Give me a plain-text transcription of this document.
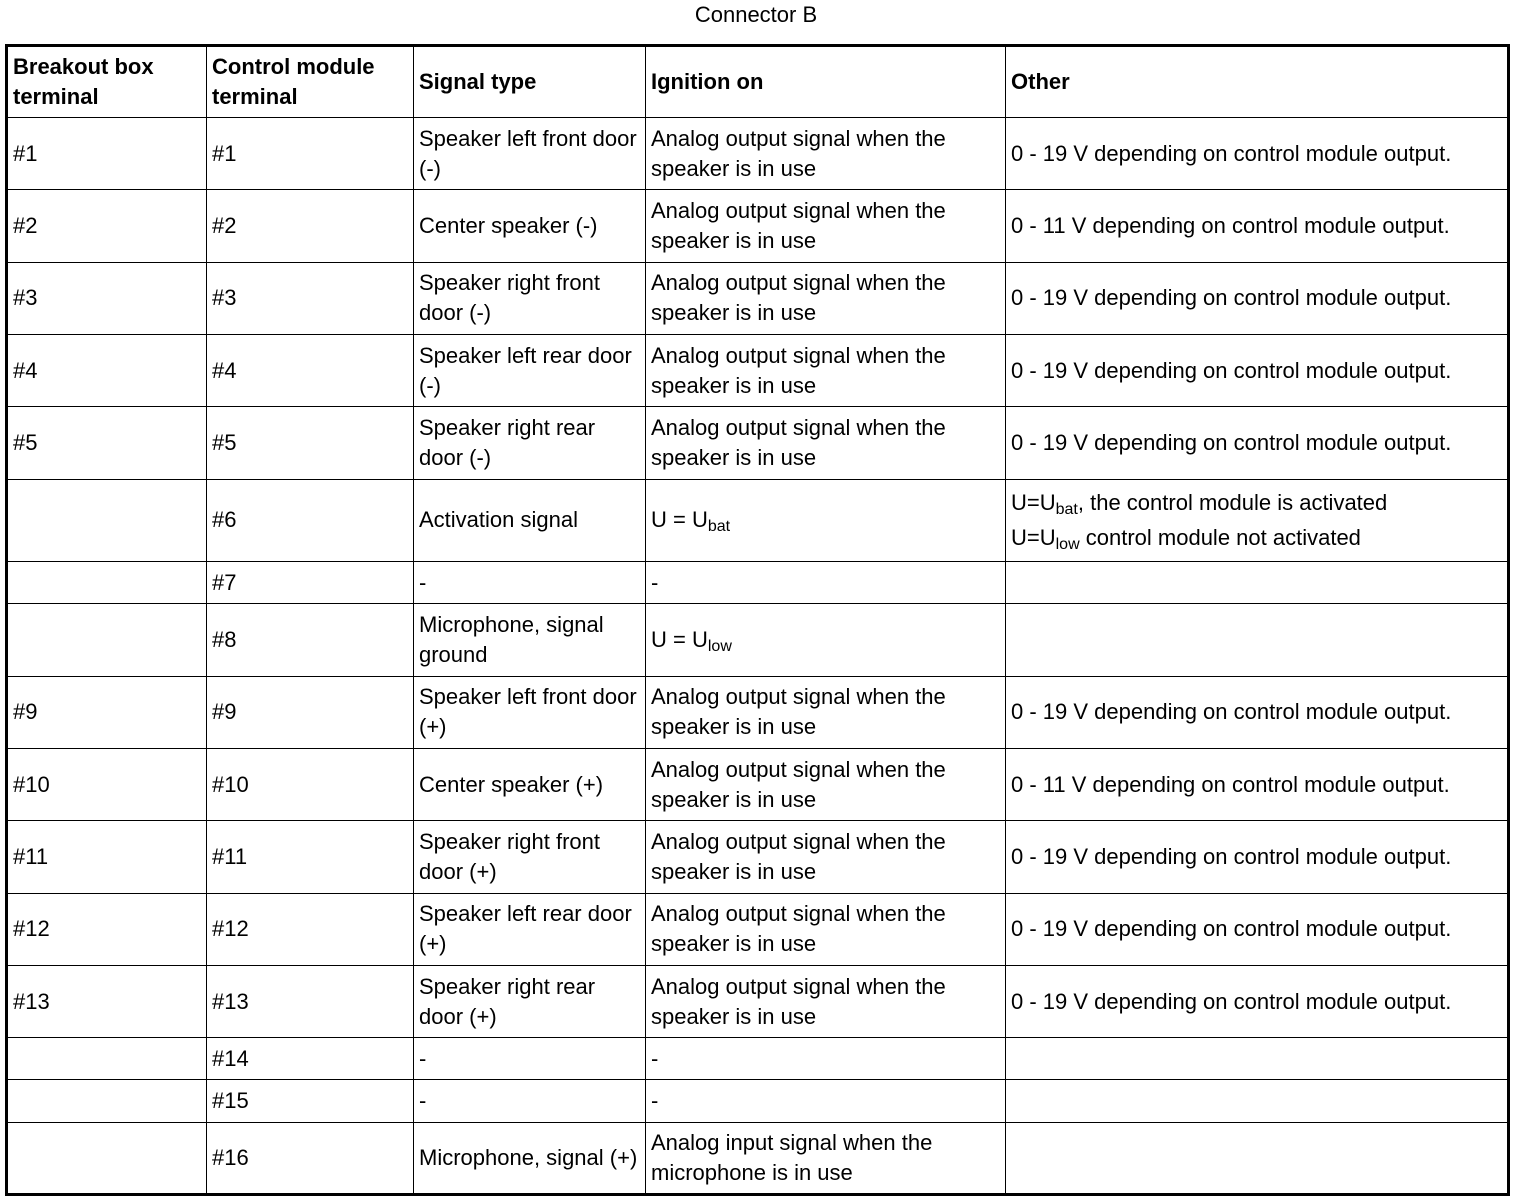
Connector B
Breakout box terminal	Control module terminal	Signal type	Ignition on	Other
#1	#1	Speaker left front door (-)	Analog output signal when the speaker is in use	0 - 19 V depending on control module output.
#2	#2	Center speaker (-)	Analog output signal when the speaker is in use	0 - 11 V depending on control module output.
#3	#3	Speaker right front door (-)	Analog output signal when the speaker is in use	0 - 19 V depending on control module output.
#4	#4	Speaker left rear door (-)	Analog output signal when the speaker is in use	0 - 19 V depending on control module output.
#5	#5	Speaker right rear door (-)	Analog output signal when the speaker is in use	0 - 19 V depending on control module output.
	#6	Activation signal	$U = U_{bat}$	$U=U_{bat}$, the control module is activated
$U=U_{low}$ control module not activated

	#7	-	-	
	#8	Microphone, signal ground	$U = U_{low}$	
#9	#9	Speaker left front door (+)	Analog output signal when the speaker is in use	0 - 19 V depending on control module output.
#10	#10	Center speaker (+)	Analog output signal when the speaker is in use	0 - 11 V depending on control module output.
#11	#11	Speaker right front door (+)	Analog output signal when the speaker is in use	0 - 19 V depending on control module output.
#12	#12	Speaker left rear door (+)	Analog output signal when the speaker is in use	0 - 19 V depending on control module output.
#13	#13	Speaker right rear door (+)	Analog output signal when the speaker is in use	0 - 19 V depending on control module output.
	#14	-	-	
	#15	-	-	
	#16	Microphone, signal (+)	Analog input signal when the microphone is in use	
